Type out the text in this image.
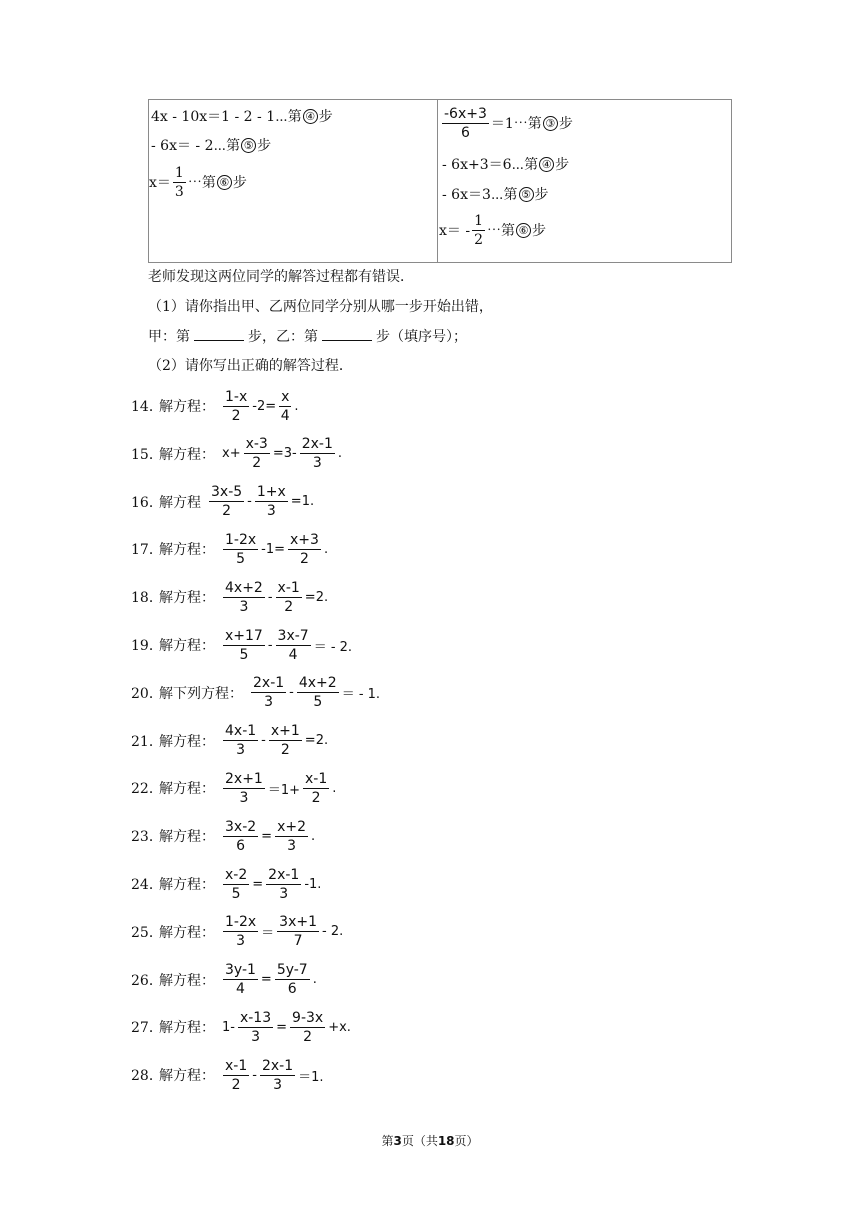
4x - 10x＝1 - 2 - 1⋯第 ④ 步
- 6x＝ - 2⋯第 ⑤ 步
$x= \frac{1}{3}$ ⋯第 ⑥ 步
$\frac{-6x+3}{6}$ ＝1⋯第 ③ 步
- 6x+3＝6⋯第 ④ 步
- 6x＝3⋯第 ⑤ 步
$x= - \frac{1}{2}$ ⋯第 ⑥ 步
老师发现这两位同学的解答过程都有错误．
（1）请你指出甲、乙两位同学分别从哪一步开始出错，
甲：第	步，乙：第	步（填序号）；
（2）请你写出正确的解答过程．
14．
解方程： $\frac{1-x}{2} -2= \frac{x}{4}$ .
15．
解方程： $x+ \frac{x-3}{2} =3- \frac{2x-1}{3}$ .
16．
解方程 $\frac{3x-5}{2} - \frac{1+x}{3} =1$.
17．
解方程： $\frac{1-2x}{5} -1= \frac{x+3}{2}$ .
18．
解方程： $\frac{4x+2}{3} - \frac{x-1}{2} =2$.
19．
解方程： $\frac{x+17}{5} - \frac{3x-7}{4}$ ＝ - 2.
20．
解下列方程： $\frac{2x-1}{3} - \frac{4x+2}{5}$ ＝ - 1.
21．
解方程： $\frac{4x-1}{3} - \frac{x+1}{2} =2$.
22．
解方程： $\frac{2x+1}{3} =1+ \frac{x-1}{2}$ .
23．
解方程： $\frac{3x-2}{6} = \frac{x+2}{3}$ .
24．
解方程： $\frac{x-2}{5} = \frac{2x-1}{3} -1$.
25．
解方程： $\frac{1-2x}{3} = \frac{3x+1}{7} - 2$.
26．
解方程： $\frac{3y-1}{4} = \frac{5y-7}{6}$ .
27．
解方程： $1- \frac{x-13}{3} = \frac{9-3x}{2} +x$.
28．
解方程： $\frac{x-1}{2} - \frac{2x-1}{3} =1$.
第3页（共18页）
